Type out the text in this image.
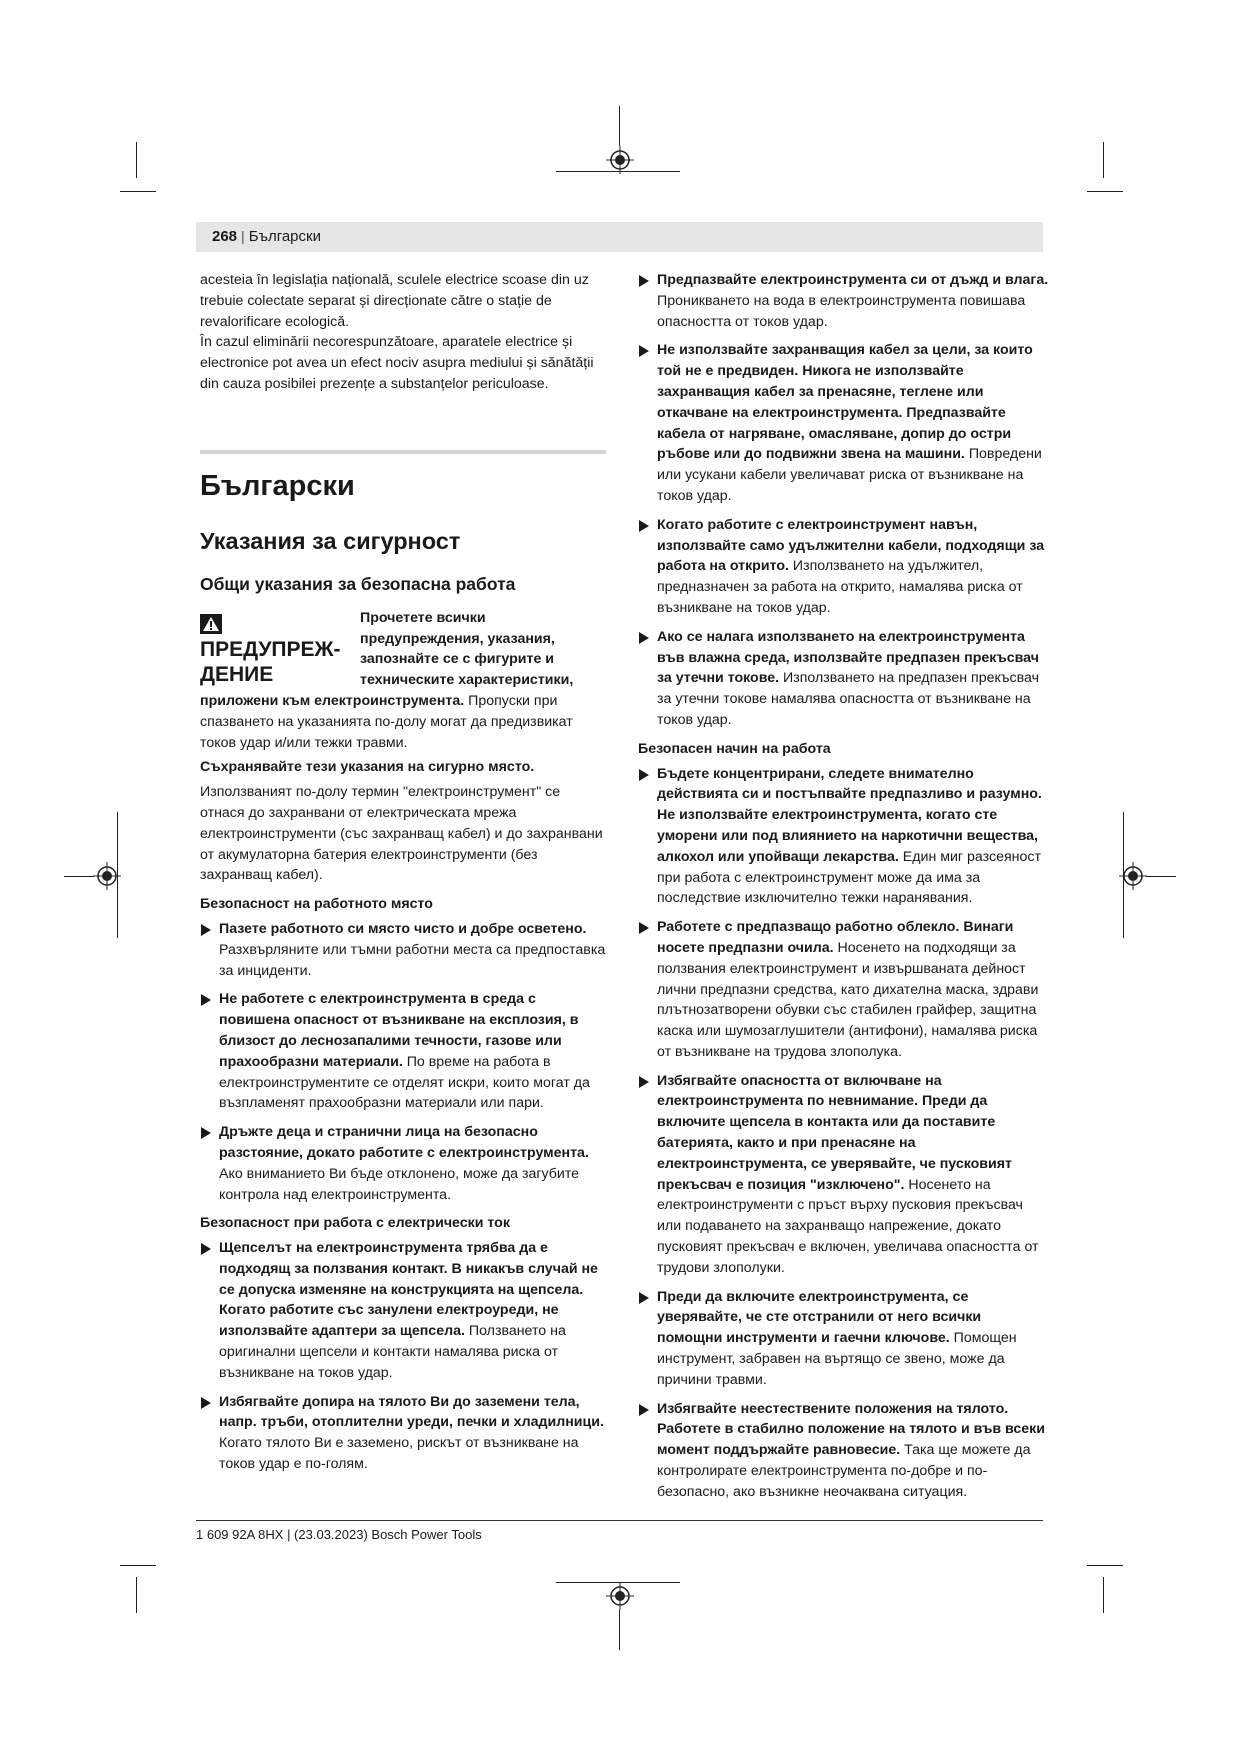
268 | Български

acesteia în legislația națională, sculele electrice scoase din uz trebuie colectate separat și direcționate către o stație de revalorificare ecologică.

În cazul eliminării necorespunzătoare, aparatele electrice și electronice pot avea un efect nociv asupra mediului și sănătății din cauza posibilei prezențe a substanțelor periculoase.

Български
Указания за сигурност
Общи указания за безопасна работа
ПРЕДУПРЕЖ-ДЕНИЕ

Прочетете всички предупреждения, указания, запознайте се с фигурите и техническите характеристики, приложени към електроинструмента. Пропуски при спазването на указанията по-долу могат да предизвикат токов удар и/или тежки травми.

Съхранявайте тези указания на сигурно място.

Използваният по-долу термин "електроинструмент" се отнася до захранвани от електрическата мрежа електроинструменти (със захранващ кабел) и до захранвани от акумулаторна батерия електроинструменти (без захранващ кабел).

Безопасност на работното място
Пазете работното си място чисто и добре осветено. Разхвърляните или тъмни работни места са предпоставка за инциденти.
Не работете с електроинструмента в среда с повишена опасност от възникване на експлозия, в близост до леснозапалими течности, газове или прахообразни материали. По време на работа в електроинструментите се отделят искри, които могат да възпламенят прахообразни материали или пари.
Дръжте деца и странични лица на безопасно разстояние, докато работите с електроинструмента. Ако вниманието Ви бъде отклонено, може да загубите контрола над електроинструмента.
Безопасност при работа с електрически ток
Щепселът на електроинструмента трябва да е подходящ за ползвания контакт. В никакъв случай не се допуска изменяне на конструкцията на щепсела. Когато работите със занулени електроуреди, не използвайте адаптери за щепсела. Ползването на оригинални щепсели и контакти намалява риска от възникване на токов удар.
Избягвайте допира на тялото Ви до заземени тела, напр. тръби, отоплителни уреди, печки и хладилници. Когато тялото Ви е заземено, рискът от възникване на токов удар е по-голям.
Предпазвайте електроинструмента си от дъжд и влага. Проникването на вода в електроинструмента повишава опасността от токов удар.
Не използвайте захранващия кабел за цели, за които той не е предвиден. Никога не използвайте захранващия кабел за пренасяне, теглене или откачване на електроинструмента. Предпазвайте кабела от нагряване, омасляване, допир до остри ръбове или до подвижни звена на машини. Повредени или усукани кабели увеличават риска от възникване на токов удар.
Когато работите с електроинструмент навън, използвайте само удължителни кабели, подходящи за работа на открито. Използването на удължител, предназначен за работа на открито, намалява риска от възникване на токов удар.
Ако се налага използването на електроинструмента във влажна среда, използвайте предпазен прекъсвач за утечни токове. Използването на предпазен прекъсвач за утечни токове намалява опасността от възникване на токов удар.
Безопасен начин на работа
Бъдете концентрирани, следете внимателно действията си и постъпвайте предпазливо и разумно. Не използвайте електроинструмента, когато сте уморени или под влиянието на наркотични вещества, алкохол или упойващи лекарства. Един миг разсеяност при работа с електроинструмент може да има за последствие изключително тежки наранявания.
Работете с предпазващо работно облекло. Винаги носете предпазни очила. Носенето на подходящи за ползвания електроинструмент и извършваната дейност лични предпазни средства, като дихателна маска, здрави плътнозатворени обувки със стабилен грайфер, защитна каска или шумозаглушители (антифони), намалява риска от възникване на трудова злополука.
Избягвайте опасността от включване на електроинструмента по невнимание. Преди да включите щепсела в контакта или да поставите батерията, както и при пренасяне на електроинструмента, се уверявайте, че пусковият прекъсвач е позиция "изключено". Носенето на електроинструменти с пръст върху пусковия прекъсвач или подаването на захранващо напрежение, докато пусковият прекъсвач е включен, увеличава опасността от трудови злополуки.
Преди да включите електроинструмента, се уверявайте, че сте отстранили от него всички помощни инструменти и гаечни ключове. Помощен инструмент, забравен на въртящо се звено, може да причини травми.
Избягвайте неестествените положения на тялото. Работете в стабилно положение на тялото и във всеки момент поддържайте равновесие. Така ще можете да контролирате електроинструмента по-добре и по-безопасно, ако възникне неочаквана ситуация.
1 609 92A 8HX | (23.03.2023) Bosch Power Tools
